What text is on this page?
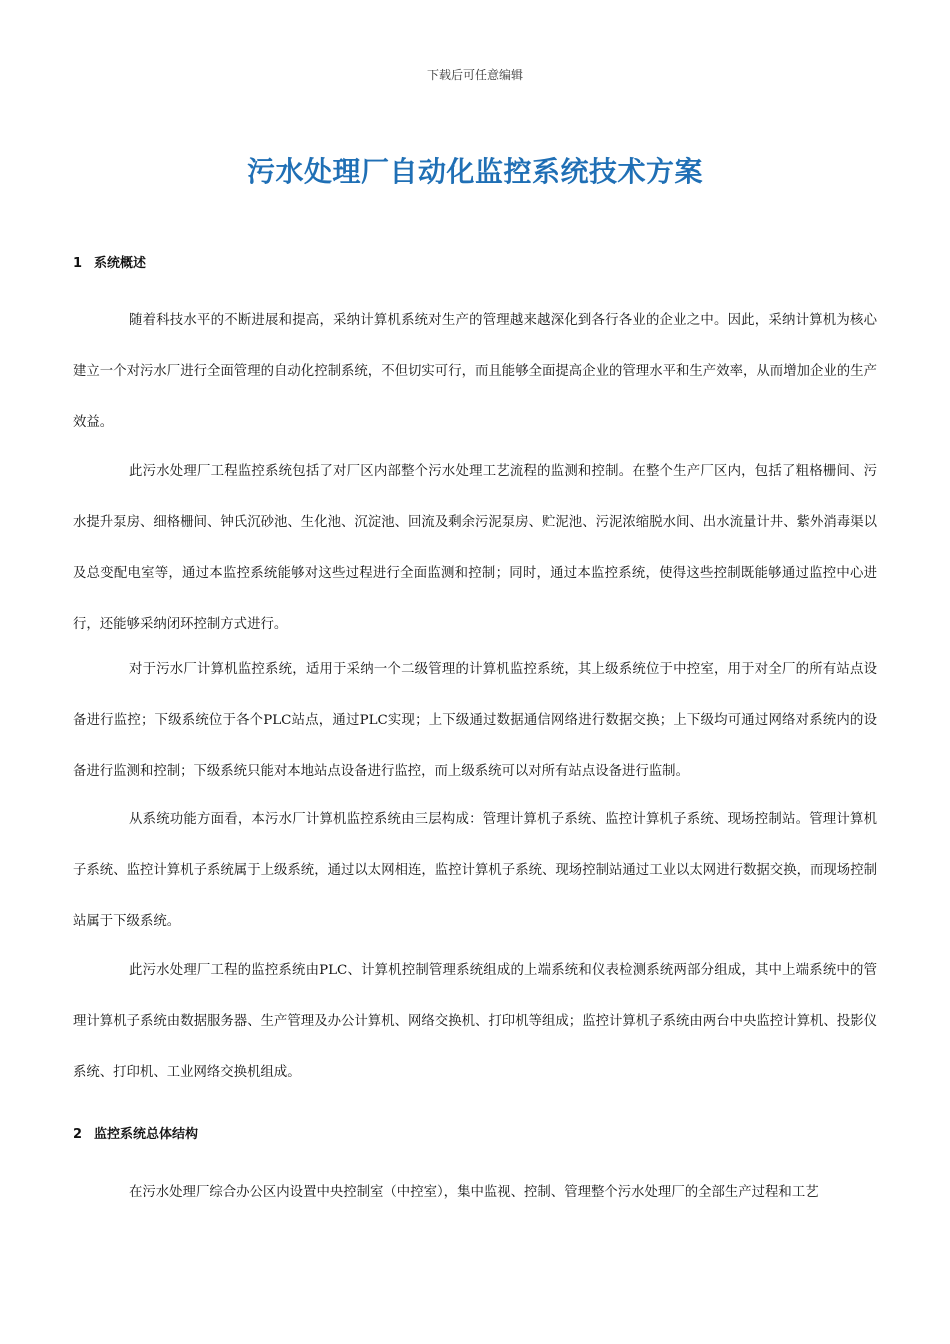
下载后可任意编辑
污水处理厂自动化监控系统技术方案
1 系统概述

随着科技水平的不断进展和提高，采纳计算机系统对生产的管理越来越深化到各行各业的企业之中。因此，采纳计算机为核心建立一个对污水厂进行全面管理的自动化控制系统，不但切实可行，而且能够全面提高企业的管理水平和生产效率，从而增加企业的生产效益。

此污水处理厂工程监控系统包括了对厂区内部整个污水处理工艺流程的监测和控制。在整个生产厂区内，包括了粗格栅间、污水提升泵房、细格栅间、钟氏沉砂池、生化池、沉淀池、回流及剩余污泥泵房、贮泥池、污泥浓缩脱水间、出水流量计井、紫外消毒渠以及总变配电室等，通过本监控系统能够对这些过程进行全面监测和控制；同时，通过本监控系统，使得这些控制既能够通过监控中心进行，还能够采纳闭环控制方式进行。

对于污水厂计算机监控系统，适用于采纳一个二级管理的计算机监控系统，其上级系统位于中控室，用于对全厂的所有站点设备进行监控；下级系统位于各个PLC站点，通过PLC实现；上下级通过数据通信网络进行数据交换；上下级均可通过网络对系统内的设备进行监测和控制；下级系统只能对本地站点设备进行监控，而上级系统可以对所有站点设备进行监制。

从系统功能方面看，本污水厂计算机监控系统由三层构成：管理计算机子系统、监控计算机子系统、现场控制站。管理计算机子系统、监控计算机子系统属于上级系统，通过以太网相连，监控计算机子系统、现场控制站通过工业以太网进行数据交换，而现场控制站属于下级系统。

此污水处理厂工程的监控系统由PLC、计算机控制管理系统组成的上端系统和仪表检测系统两部分组成，其中上端系统中的管理计算机子系统由数据服务器、生产管理及办公计算机、网络交换机、打印机等组成；监控计算机子系统由两台中央监控计算机、投影仪系统、打印机、工业网络交换机组成。

2 监控系统总体结构

在污水处理厂综合办公区内设置中央控制室（中控室），集中监视、控制、管理整个污水处理厂的全部生产过程和工艺
